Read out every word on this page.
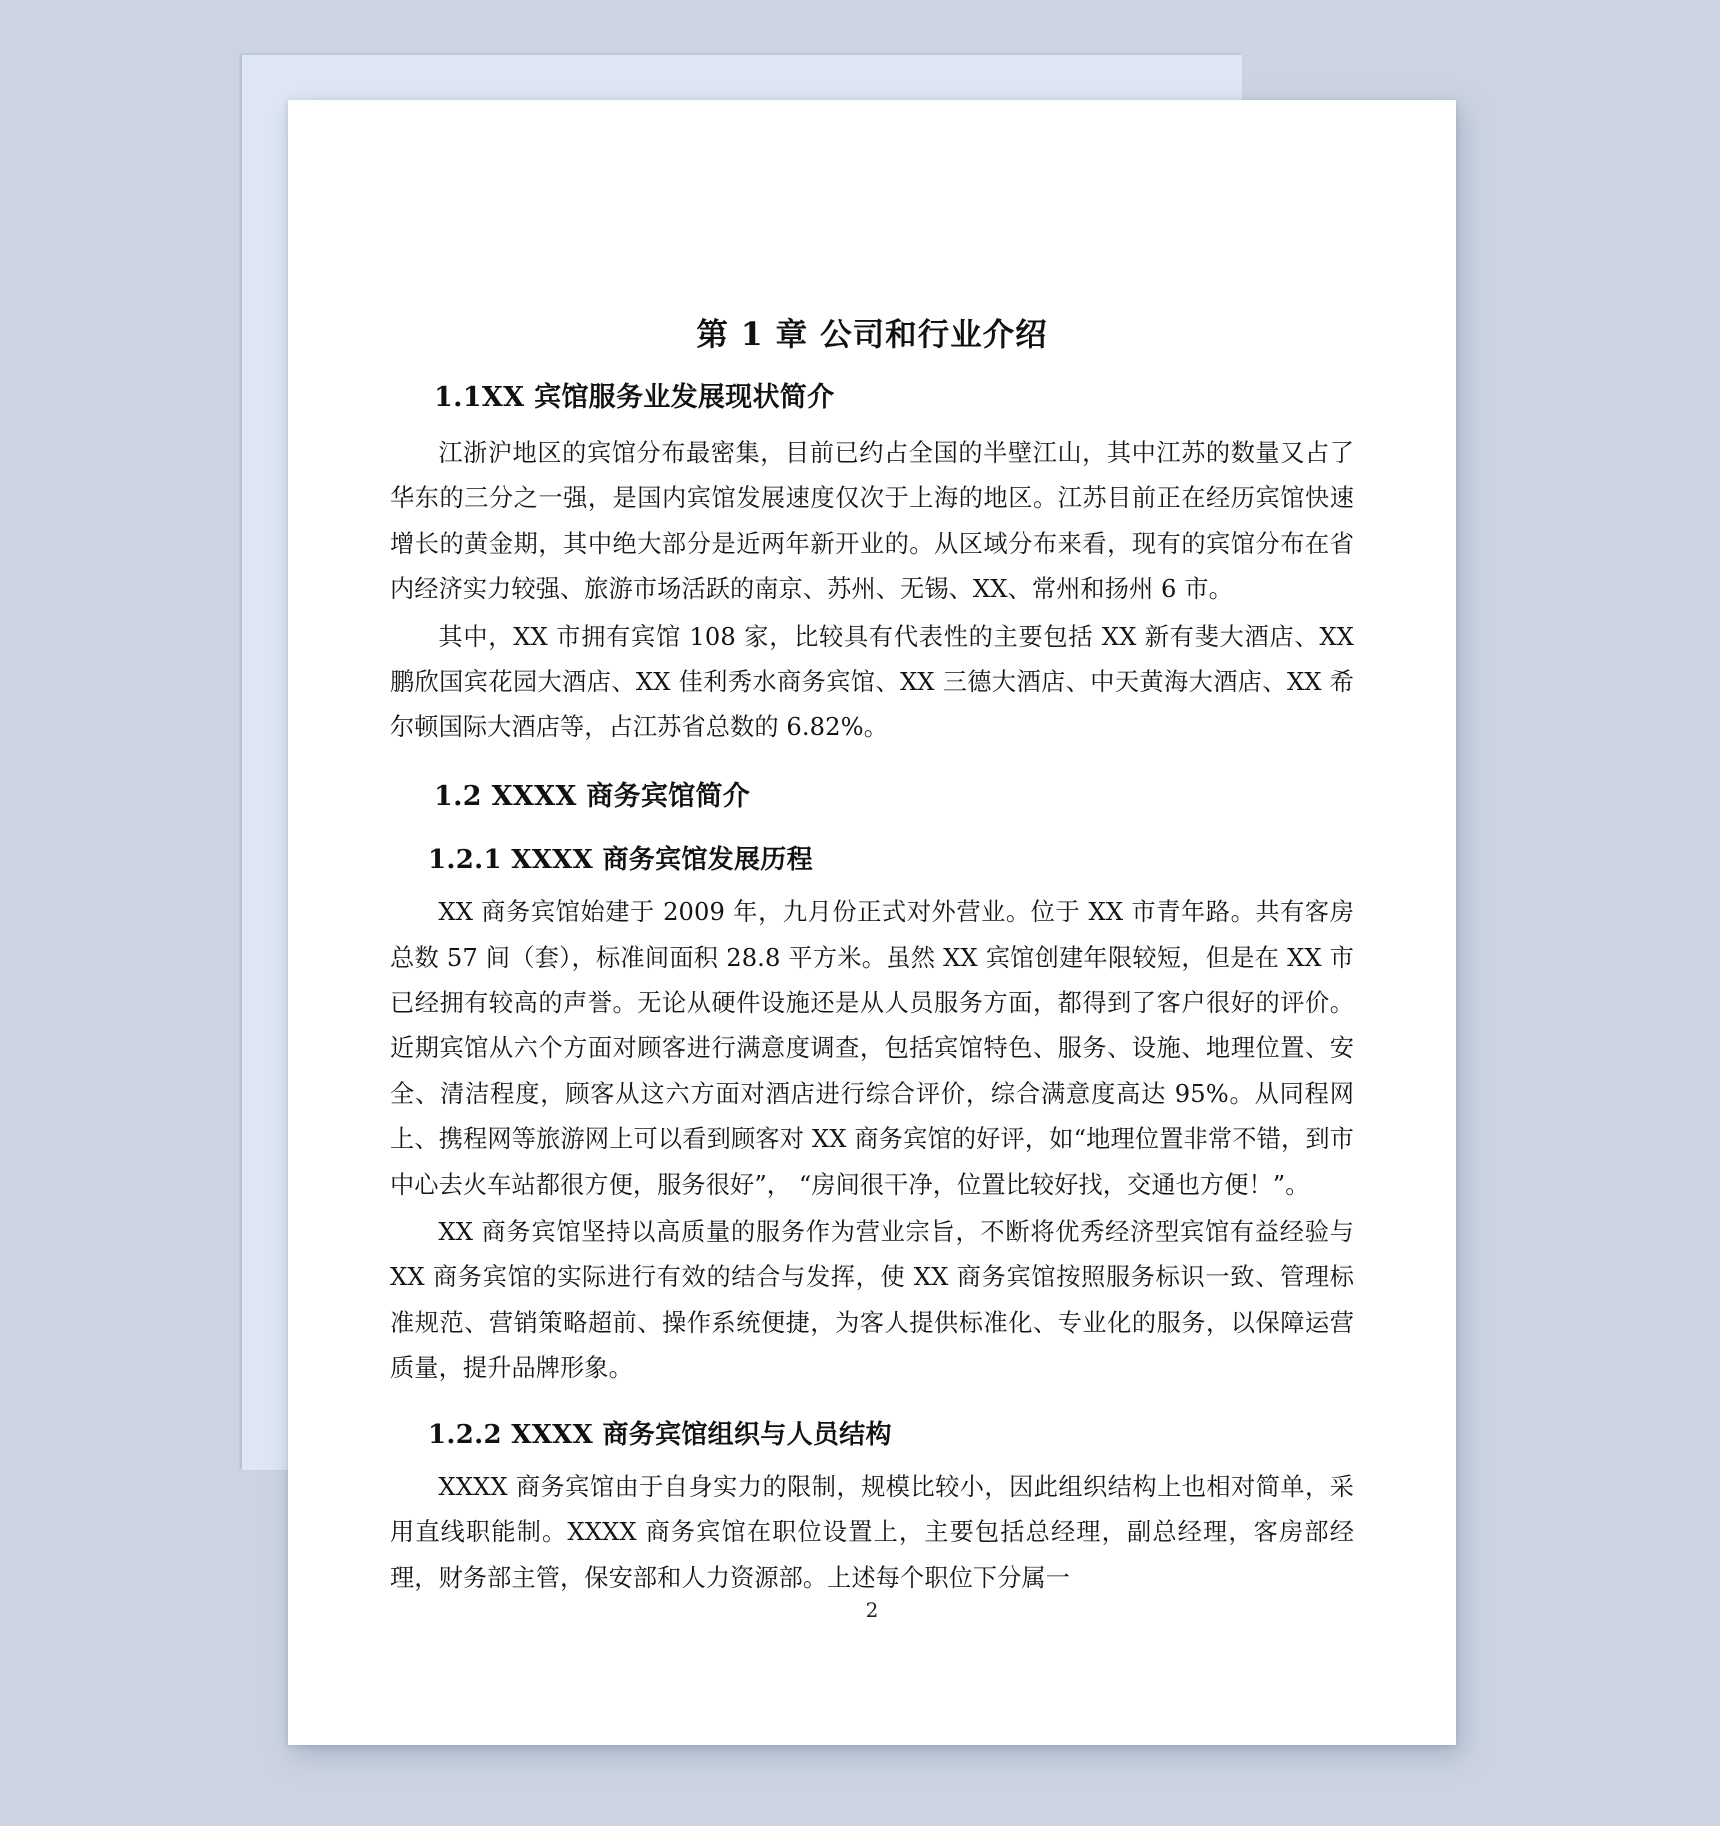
第 1 章 公司和行业介绍
1.1XX 宾馆服务业发展现状简介

江浙沪地区的宾馆分布最密集，目前已约占全国的半壁江山，其中江苏的数量又占了华东的三分之一强，是国内宾馆发展速度仅次于上海的地区。江苏目前正在经历宾馆快速增长的黄金期，其中绝大部分是近两年新开业的。从区域分布来看，现有的宾馆分布在省内经济实力较强、旅游市场活跃的南京、苏州、无锡、XX、常州和扬州 6 市。

其中，XX 市拥有宾馆 108 家，比较具有代表性的主要包括 XX 新有斐大酒店、XX 鹏欣国宾花园大酒店、XX 佳利秀水商务宾馆、XX 三德大酒店、中天黄海大酒店、XX 希尔顿国际大酒店等，占江苏省总数的 6.82%。

1.2 XXXX 商务宾馆简介
1.2.1 XXXX 商务宾馆发展历程

XX 商务宾馆始建于 2009 年，九月份正式对外营业。位于 XX 市青年路。共有客房总数 57 间（套），标准间面积 28.8 平方米。虽然 XX 宾馆创建年限较短，但是在 XX 市已经拥有较高的声誉。无论从硬件设施还是从人员服务方面，都得到了客户很好的评价。近期宾馆从六个方面对顾客进行满意度调查，包括宾馆特色、服务、设施、地理位置、安全、清洁程度，顾客从这六方面对酒店进行综合评价，综合满意度高达 95%。从同程网上、携程网等旅游网上可以看到顾客对 XX 商务宾馆的好评，如“地理位置非常不错，到市中心去火车站都很方便，服务很好”， “房间很干净，位置比较好找，交通也方便！”。

XX 商务宾馆坚持以高质量的服务作为营业宗旨，不断将优秀经济型宾馆有益经验与 XX 商务宾馆的实际进行有效的结合与发挥，使 XX 商务宾馆按照服务标识一致、管理标准规范、营销策略超前、操作系统便捷，为客人提供标准化、专业化的服务，以保障运营质量，提升品牌形象。

1.2.2 XXXX 商务宾馆组织与人员结构

XXXX 商务宾馆由于自身实力的限制，规模比较小，因此组织结构上也相对简单，采用直线职能制。XXXX 商务宾馆在职位设置上，主要包括总经理，副总经理，客房部经理，财务部主管，保安部和人力资源部。上述每个职位下分属一

2
